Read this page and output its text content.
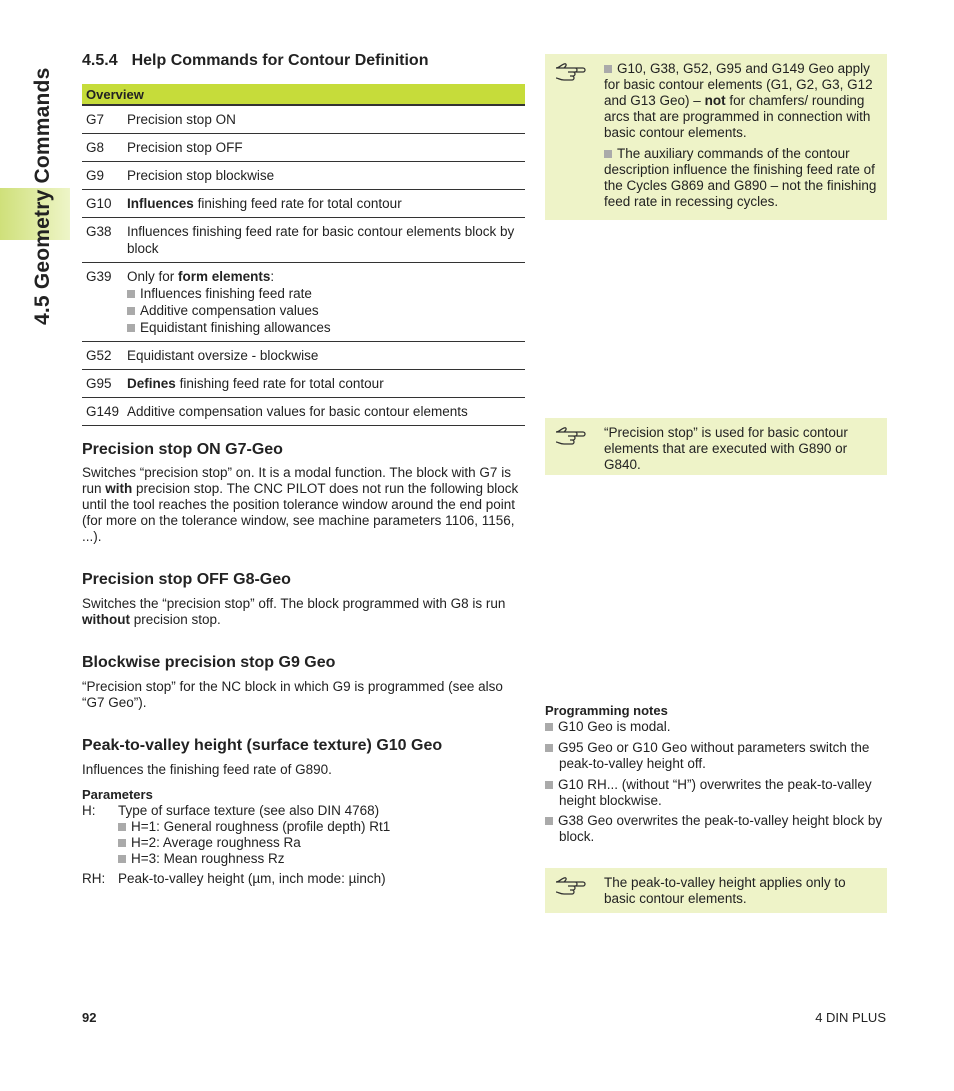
4.5 Geometry Commands
4.5.4 Help Commands for Contour Definition
Overview	
G7	Precision stop ON
G8	Precision stop OFF
G9	Precision stop blockwise
G10	Influences finishing feed rate for total contour
G38	Influences finishing feed rate for basic contour elements block by block
G39	Only for form elements:
Influences finishing feed rate
Additive compensation values
Equidistant finishing allowances
G52	Equidistant oversize - blockwise
G95	Defines finishing feed rate for total contour
G149	Additive compensation values for basic contour elements
Precision stop ON G7-Geo
Switches “precision stop” on. It is a modal function. The block with G7 is run with precision stop. The CNC PILOT does not run the following block until the tool reaches the position tolerance window around the end point (for more on the tolerance window, see machine parameters 1106, 1156, ...).
Precision stop OFF G8-Geo
Switches the “precision stop” off. The block programmed with G8 is run without precision stop.
Blockwise precision stop G9 Geo
“Precision stop” for the NC block in which G9 is programmed (see also “G7 Geo”).
Peak-to-valley height (surface texture) G10 Geo
Influences the finishing feed rate of G890.
Parameters
H: Type of surface texture (see also DIN 4768)
H=1: General roughness (profile depth) Rt1
H=2: Average roughness Ra
H=3: Mean roughness Rz
RH: Peak-to-valley height (µm, inch mode: µinch)
G10, G38, G52, G95 and G149 Geo apply for basic contour elements (G1, G2, G3, G12 and G13 Geo) – not for chamfers/ rounding arcs that are programmed in connection with basic contour elements.
The auxiliary commands of the contour description influence the finishing feed rate of the Cycles G869 and G890 – not the finishing feed rate in recessing cycles.
“Precision stop” is used for basic contour elements that are executed with G890 or G840.
Programming notes
G10 Geo is modal.
G95 Geo or G10 Geo without parameters switch the peak-to-valley height off.
G10 RH... (without “H”) overwrites the peak-to-valley height blockwise.
G38 Geo overwrites the peak-to-valley height block by block.
The peak-to-valley height applies only to basic contour elements.
92	4 DIN PLUS
